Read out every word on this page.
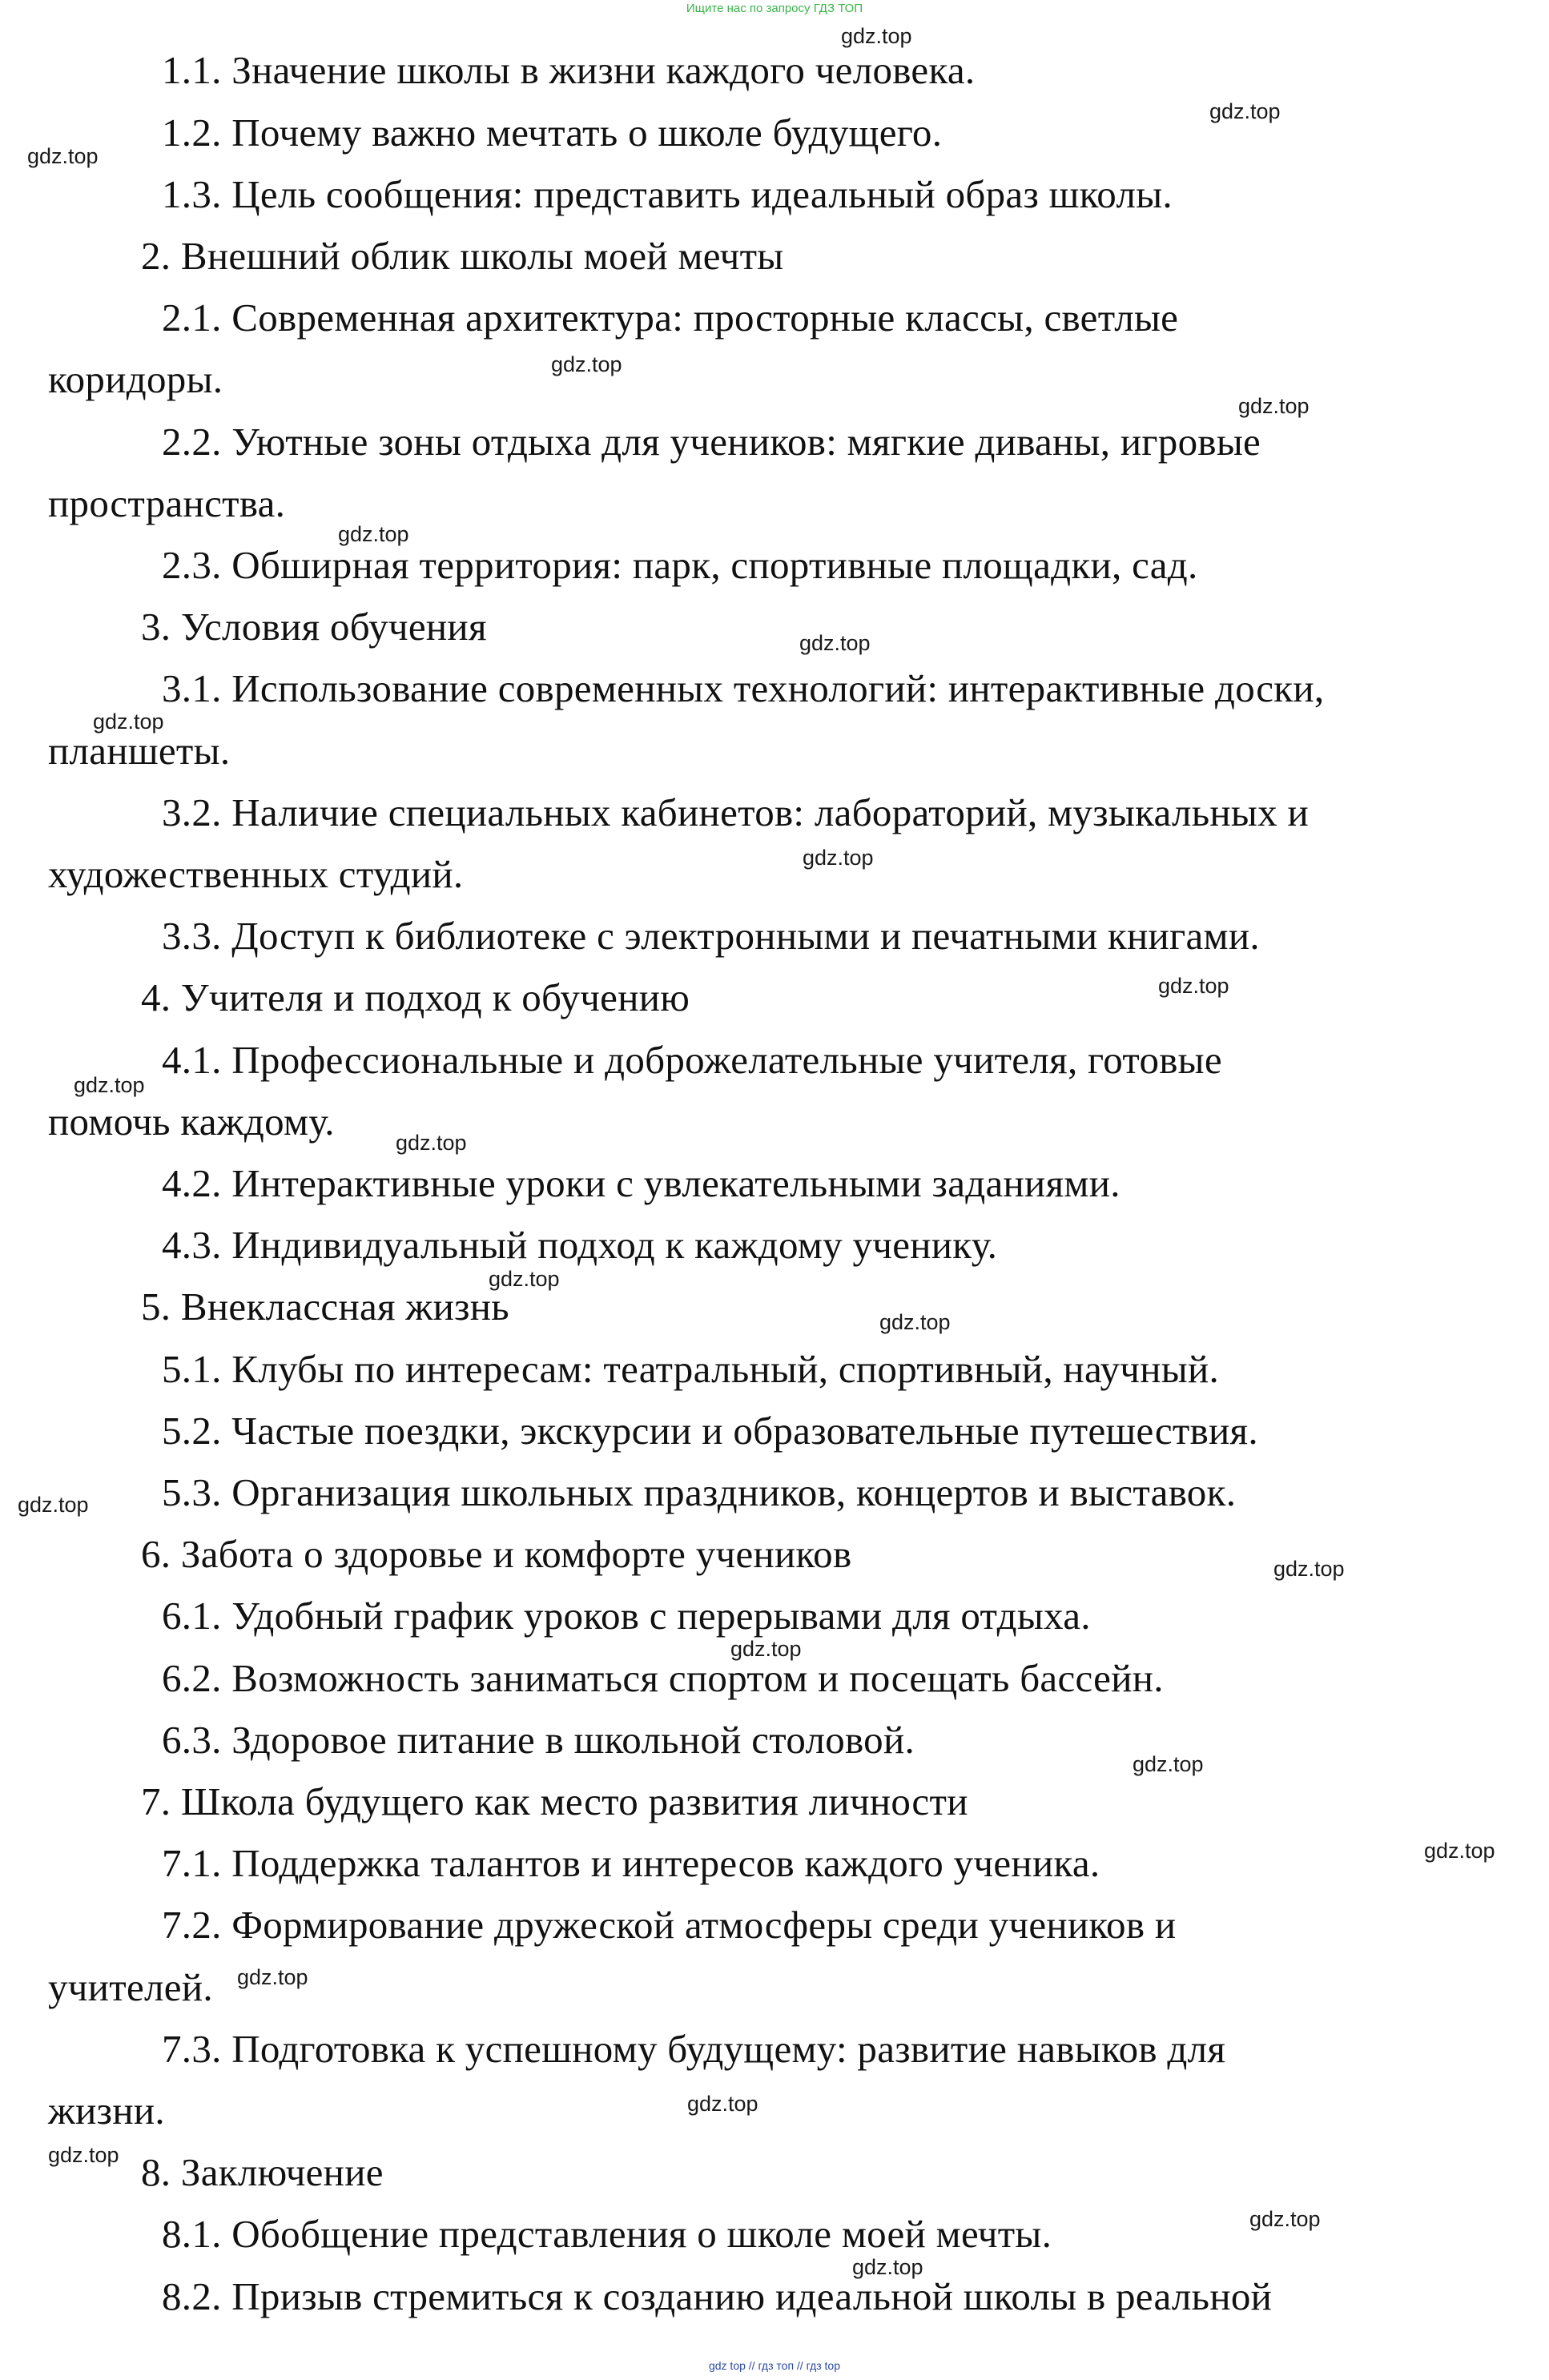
Ищите нас по запросу ГДЗ ТОП
1.1. Значение школы в жизни каждого человека.
1.2. Почему важно мечтать о школе будущего.
1.3. Цель сообщения: представить идеальный образ школы.
2. Внешний облик школы моей мечты
2.1. Современная архитектура: просторные классы, светлые
коридоры.
2.2. Уютные зоны отдыха для учеников: мягкие диваны, игровые
пространства.
2.3. Обширная территория: парк, спортивные площадки, сад.
3. Условия обучения
3.1. Использование современных технологий: интерактивные доски,
планшеты.
3.2. Наличие специальных кабинетов: лабораторий, музыкальных и
художественных студий.
3.3. Доступ к библиотеке с электронными и печатными книгами.
4. Учителя и подход к обучению
4.1. Профессиональные и доброжелательные учителя, готовые
помочь каждому.
4.2. Интерактивные уроки с увлекательными заданиями.
4.3. Индивидуальный подход к каждому ученику.
5. Внеклассная жизнь
5.1. Клубы по интересам: театральный, спортивный, научный.
5.2. Частые поездки, экскурсии и образовательные путешествия.
5.3. Организация школьных праздников, концертов и выставок.
6. Забота о здоровье и комфорте учеников
6.1. Удобный график уроков с перерывами для отдыха.
6.2. Возможность заниматься спортом и посещать бассейн.
6.3. Здоровое питание в школьной столовой.
7. Школа будущего как место развития личности
7.1. Поддержка талантов и интересов каждого ученика.
7.2. Формирование дружеской атмосферы среди учеников и
учителей.
7.3. Подготовка к успешному будущему: развитие навыков для
жизни.
8. Заключение
8.1. Обобщение представления о школе моей мечты.
8.2. Призыв стремиться к созданию идеальной школы в реальной
gdz.top
gdz.top
gdz.top
gdz.top
gdz.top
gdz.top
gdz.top
gdz.top
gdz.top
gdz.top
gdz.top
gdz.top
gdz.top
gdz.top
gdz.top
gdz.top
gdz.top
gdz.top
gdz.top
gdz.top
gdz.top
gdz.top
gdz.top
gdz.top
gdz top // гдз топ // гдз top
